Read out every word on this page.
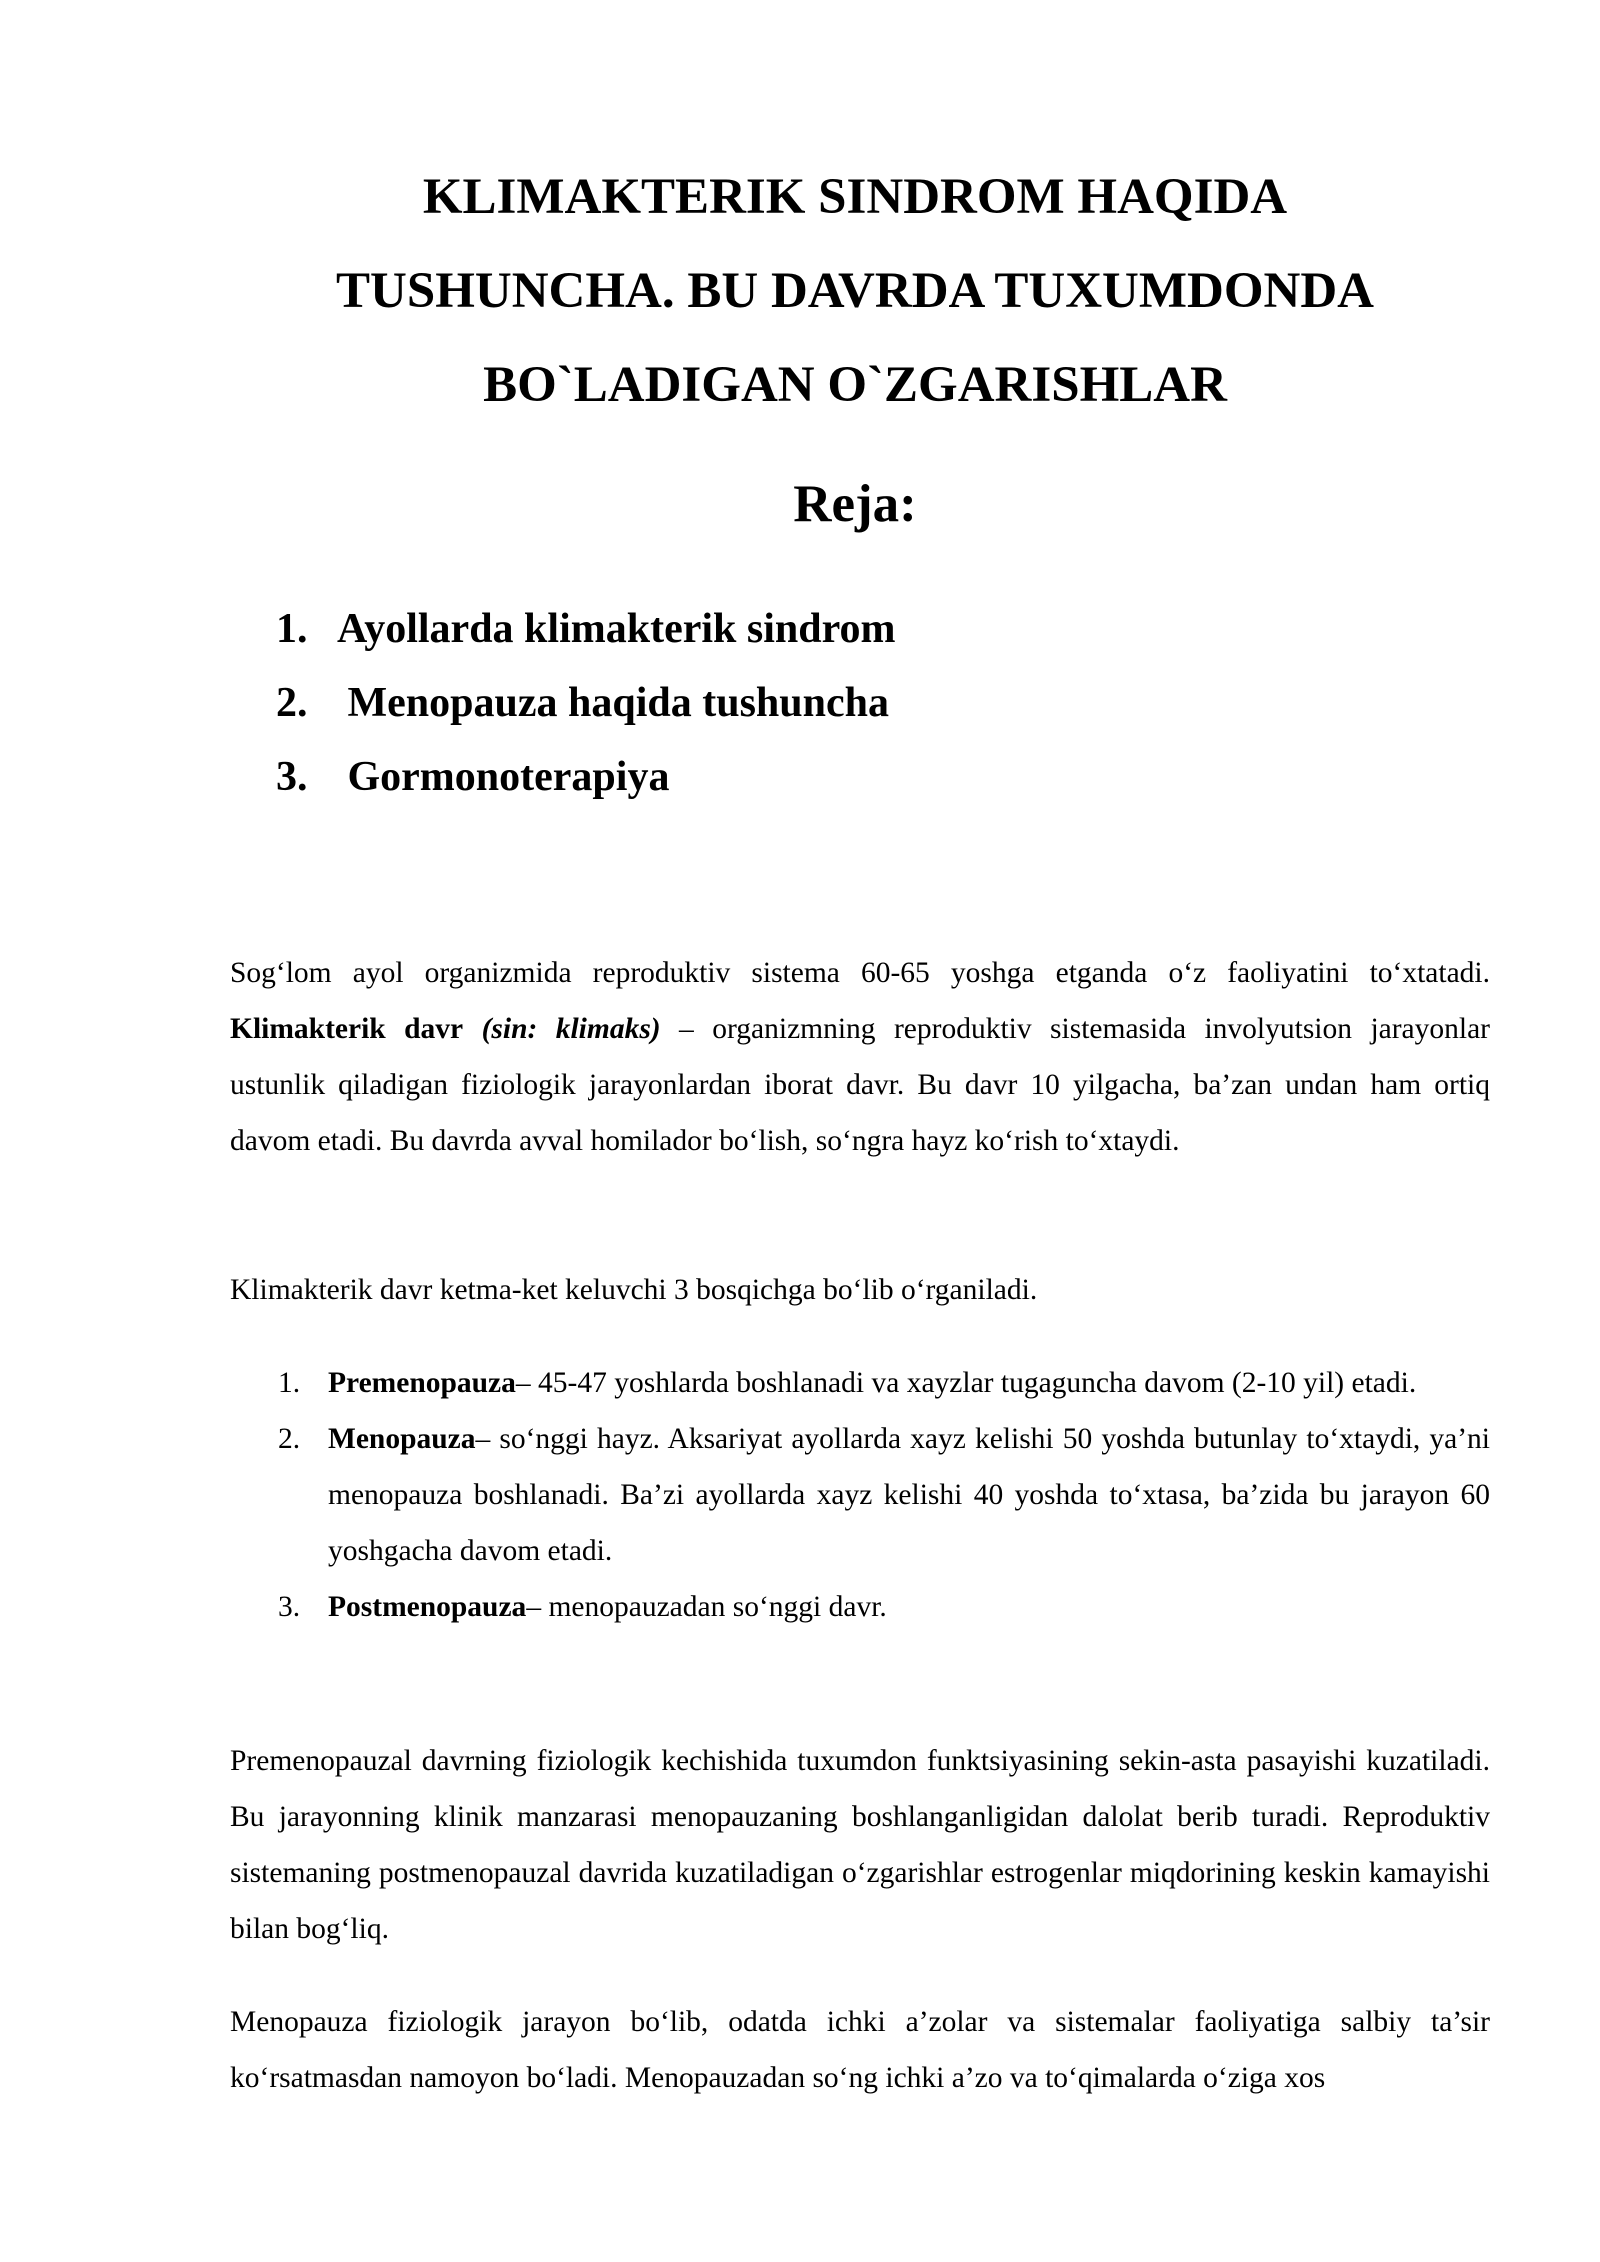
KLIMAKTERIK SINDROM HAQIDA
TUSHUNCHA. BU DAVRDA TUXUMDONDA
BO`LADIGAN O`ZGARISHLAR
Reja:
1. Ayollarda klimakterik sindrom
2. Menopauza haqida tushuncha
3. Gormonoterapiya

Sog‘lom ayol organizmida reproduktiv sistema 60-65 yoshga etganda o‘z faoliyatini to‘xtatadi. Klimakterik davr (sin: klimaks) – organizmning reproduktiv sistemasida involyutsion jarayonlar ustunlik qiladigan fiziologik jarayonlardan iborat davr. Bu davr 10 yilgacha, ba’zan undan ham ortiq davom etadi. Bu davrda avval homilador bo‘lish, so‘ngra hayz ko‘rish to‘xtaydi.

Klimakterik davr ketma-ket keluvchi 3 bosqichga bo‘lib o‘rganiladi.

1. Premenopauza– 45-47 yoshlarda boshlanadi va xayzlar tugaguncha davom (2-10 yil) etadi.
2. Menopauza– so‘nggi hayz. Aksariyat ayollarda xayz kelishi 50 yoshda butunlay to‘xtaydi, ya’ni menopauza boshlanadi. Ba’zi ayollarda xayz kelishi 40 yoshda to‘xtasa, ba’zida bu jarayon 60 yoshgacha davom etadi.
3. Postmenopauza– menopauzadan so‘nggi davr.

Premenopauzal davrning fiziologik kechishida tuxumdon funktsiyasining sekin-asta pasayishi kuzatiladi. Bu jarayonning klinik manzarasi menopauzaning boshlanganligidan dalolat berib turadi. Reproduktiv sistemaning postmenopauzal davrida kuzatiladigan o‘zgarishlar estrogenlar miqdorining keskin kamayishi bilan bog‘liq.

Menopauza fiziologik jarayon bo‘lib, odatda ichki a’zolar va sistemalar faoliyatiga salbiy ta’sir ko‘rsatmasdan namoyon bo‘ladi. Menopauzadan so‘ng ichki a’zo va to‘qimalarda o‘ziga xos
